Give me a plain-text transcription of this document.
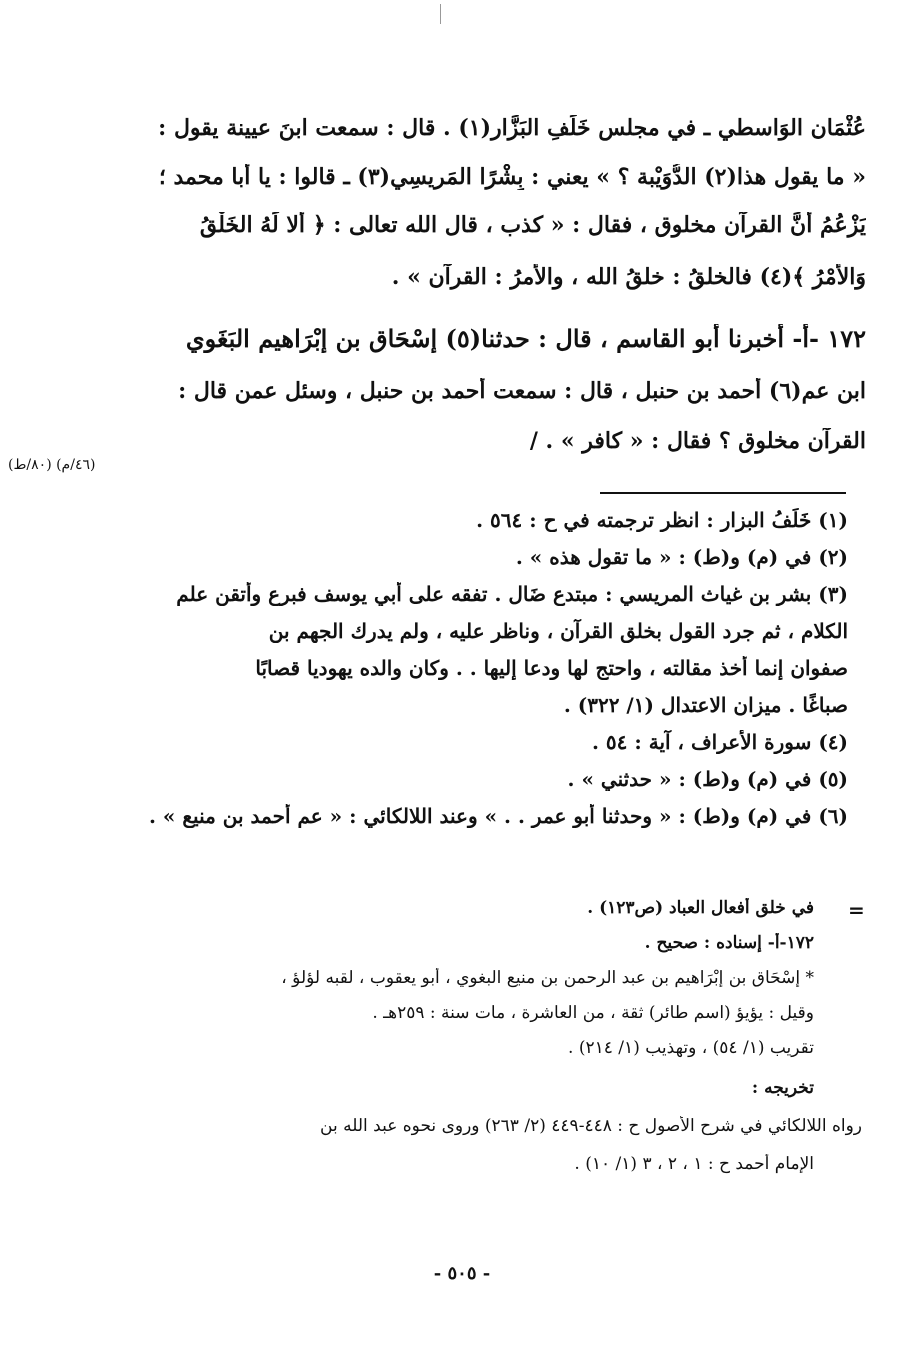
عُثْمَان الوَاسطي ـ في مجلس خَلَفِ البَزَّار(١) . قال : سمعت ابنَ عيينة يقول :
« ما يقول هذا(٢) الدُّوَيْبة ؟ » يعني : بِشْرًا المَريسِي(٣) ـ قالوا : يا أبا محمد ؛
يَزْعُمُ أنَّ القرآن مخلوق ، فقال : « كذب ، قال الله تعالى : ﴿ أَلا لَهُ الخَلْقُ
وَالأَمْرُ ﴾(٤) فالخلقُ : خلقُ الله ، والأمرُ : القرآن » .
١٧٢ -أ- أخبرنا أبو القاسم ، قال : حدثنا(٥) إسْحَاق بن إبْرَاهيم البَغَوِي
ابن عم(٦) أحمد بن حنبل ، قال : سمعت أحمد بن حنبل ، وسئل عمن قال :
القرآن مخلوق ؟ فقال : « كافر » . /
(٤٦/م) (٨٠/ط)
(١) خَلَفُ البزار : انظر ترجمته في ح : ٥٦٤ .
(٢) في (م) و(ط) : « ما تقول هذه » .
(٣) بشر بن غياث المريسي : مبتدع ضَال . تفقه على أبي يوسف فبرع وأتقن علم
الكلام ، ثم جرد القول بخلق القرآن ، وناظر عليه ، ولم يدرك الجهم بن
صفوان إنما أخذ مقالته ، واحتج لها ودعا إليها . . وكان والده يهوديا قصابًا
صباغًا . ميزان الاعتدال (١/ ٣٢٢) .
(٤) سورة الأعراف ، آية : ٥٤ .
(٥) في (م) و(ط) : « حدثني » .
(٦) في (م) و(ط) : « وحدثنا أبو عمر . . » وعند اللالكائي : « عم أحمد بن منيع » .
=
في خلق أفعال العباد (ص١٢٣) .
١٧٢-أ- إسناده : صحيح .
* إسْحَاق بن إبْرَاهيم بن عبد الرحمن بن منيع البغوي ، أبو يعقوب ، لقبه لؤلؤ ،
وقيل : يؤيؤ (اسم طائر) ثقة ، من العاشرة ، مات سنة : ٢٥٩هـ .
تقريب (١/ ٥٤) ، وتهذيب (١/ ٢١٤) .
تخريجه :
رواه اللالكائي في شرح الأصول ح : ٤٤٨-٤٤٩ (٢/ ٢٦٣) وروى نحوه عبد الله بن
الإمام أحمد ح : ١ ، ٢ ، ٣ (١/ ١٠) .
- ٥٠٥ -
